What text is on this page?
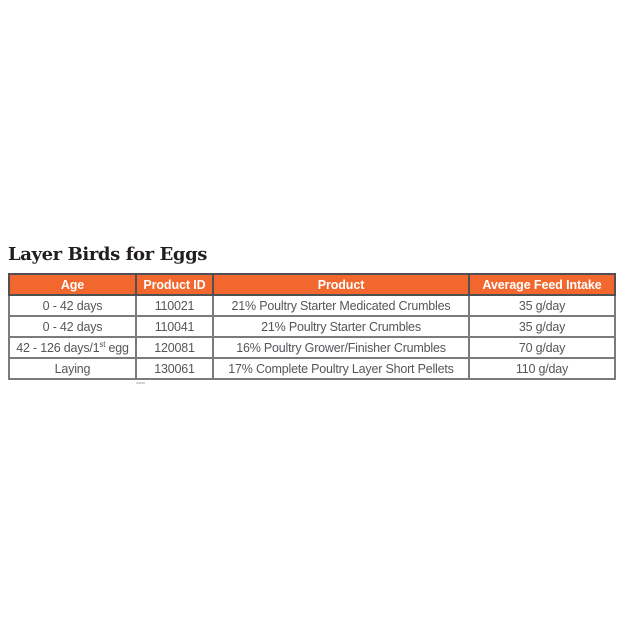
Layer Birds for Eggs
Age	Product ID	Product	Average Feed Intake
0 - 42 days	110021	21% Poultry Starter Medicated Crumbles	35 g/day
0 - 42 days	110041	21% Poultry Starter Crumbles	35 g/day
42 - 126 days/1st egg	120081	16% Poultry Grower/Finisher Crumbles	70 g/day
Laying	130061	17% Complete Poultry Layer Short Pellets	110 g/day
